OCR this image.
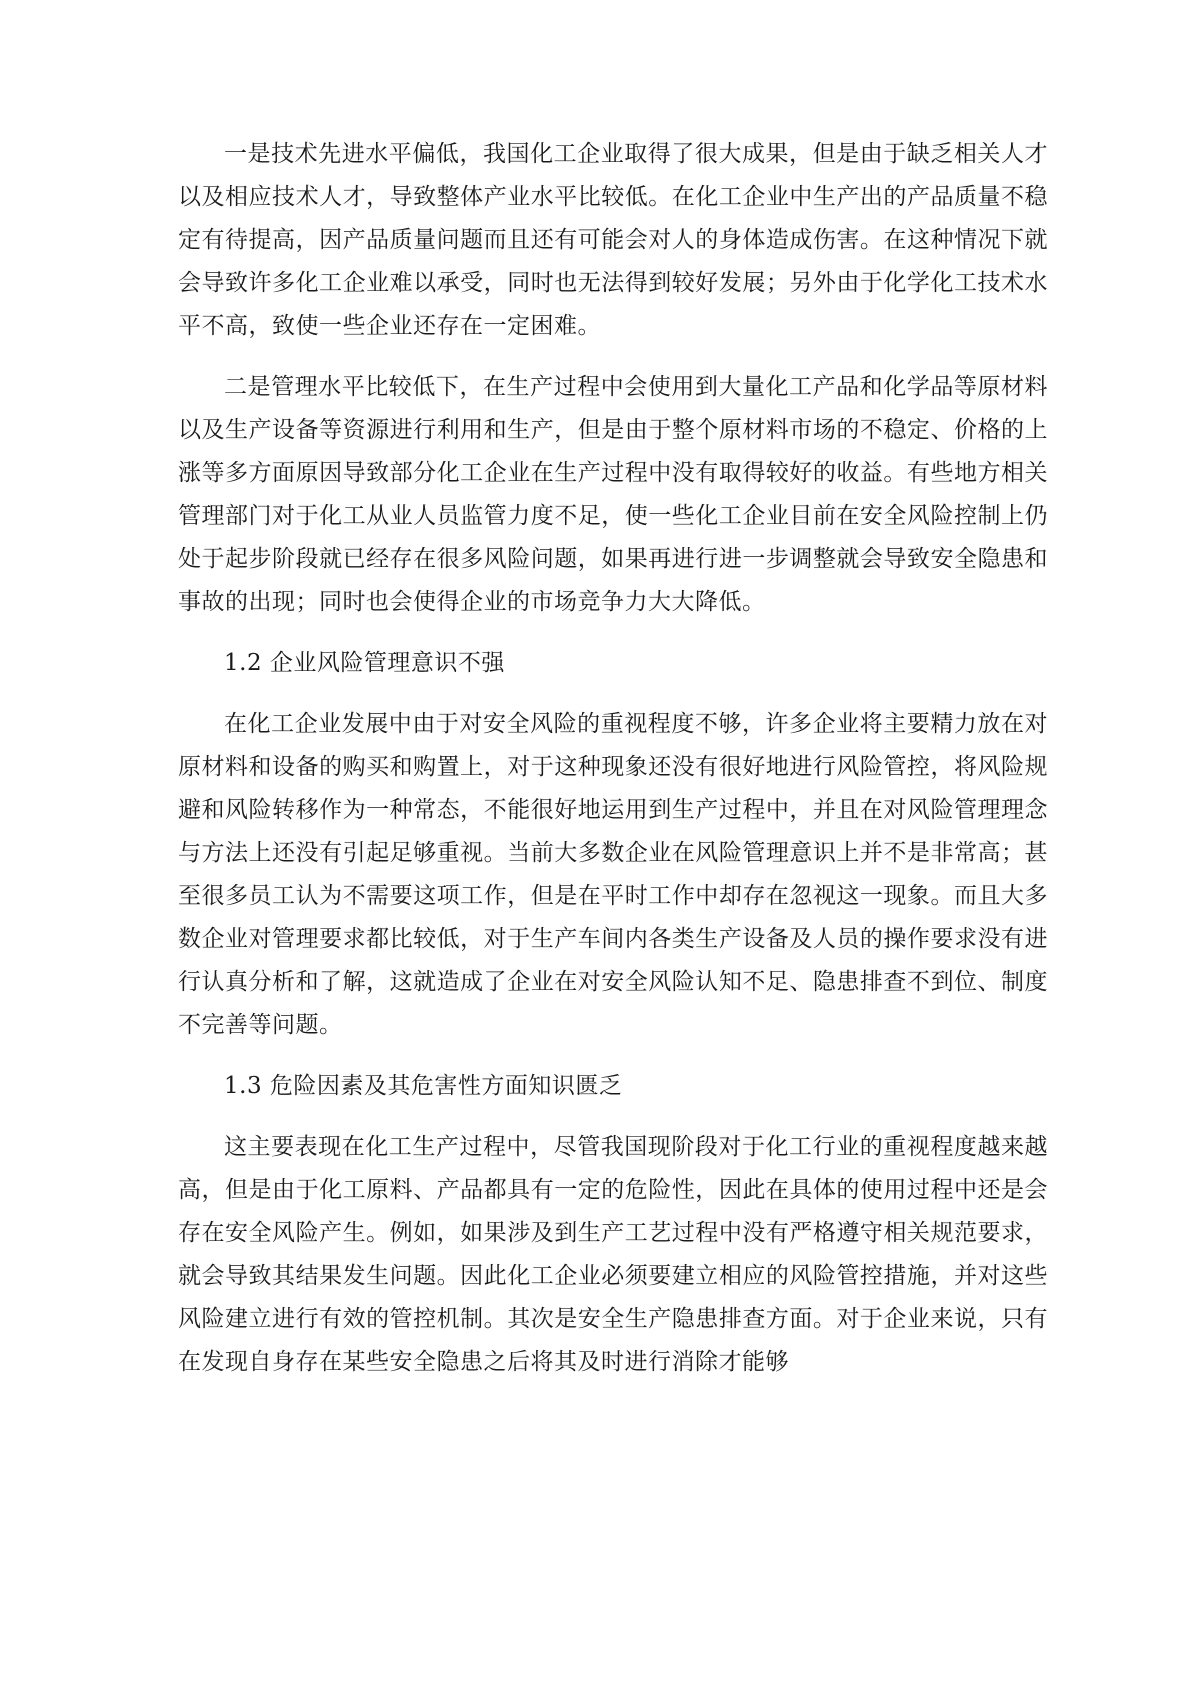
一是技术先进水平偏低，我国化工企业取得了很大成果，但是由于缺乏相关人才以及相应技术人才，导致整体产业水平比较低。在化工企业中生产出的产品质量不稳定有待提高，因产品质量问题而且还有可能会对人的身体造成伤害。在这种情况下就会导致许多化工企业难以承受，同时也无法得到较好发展；另外由于化学化工技术水平不高，致使一些企业还存在一定困难。

二是管理水平比较低下，在生产过程中会使用到大量化工产品和化学品等原材料以及生产设备等资源进行利用和生产，但是由于整个原材料市场的不稳定、价格的上涨等多方面原因导致部分化工企业在生产过程中没有取得较好的收益。有些地方相关管理部门对于化工从业人员监管力度不足，使一些化工企业目前在安全风险控制上仍处于起步阶段就已经存在很多风险问题，如果再进行进一步调整就会导致安全隐患和事故的出现；同时也会使得企业的市场竞争力大大降低。

1.2 企业风险管理意识不强

在化工企业发展中由于对安全风险的重视程度不够，许多企业将主要精力放在对原材料和设备的购买和购置上，对于这种现象还没有很好地进行风险管控，将风险规避和风险转移作为一种常态，不能很好地运用到生产过程中，并且在对风险管理理念与方法上还没有引起足够重视。当前大多数企业在风险管理意识上并不是非常高；甚至很多员工认为不需要这项工作，但是在平时工作中却存在忽视这一现象。而且大多数企业对管理要求都比较低，对于生产车间内各类生产设备及人员的操作要求没有进行认真分析和了解，这就造成了企业在对安全风险认知不足、隐患排查不到位、制度不完善等问题。

1.3 危险因素及其危害性方面知识匮乏

这主要表现在化工生产过程中，尽管我国现阶段对于化工行业的重视程度越来越高，但是由于化工原料、产品都具有一定的危险性，因此在具体的使用过程中还是会存在安全风险产生。例如，如果涉及到生产工艺过程中没有严格遵守相关规范要求，就会导致其结果发生问题。因此化工企业必须要建立相应的风险管控措施，并对这些风险建立进行有效的管控机制。其次是安全生产隐患排查方面。对于企业来说，只有在发现自身存在某些安全隐患之后将其及时进行消除才能够
